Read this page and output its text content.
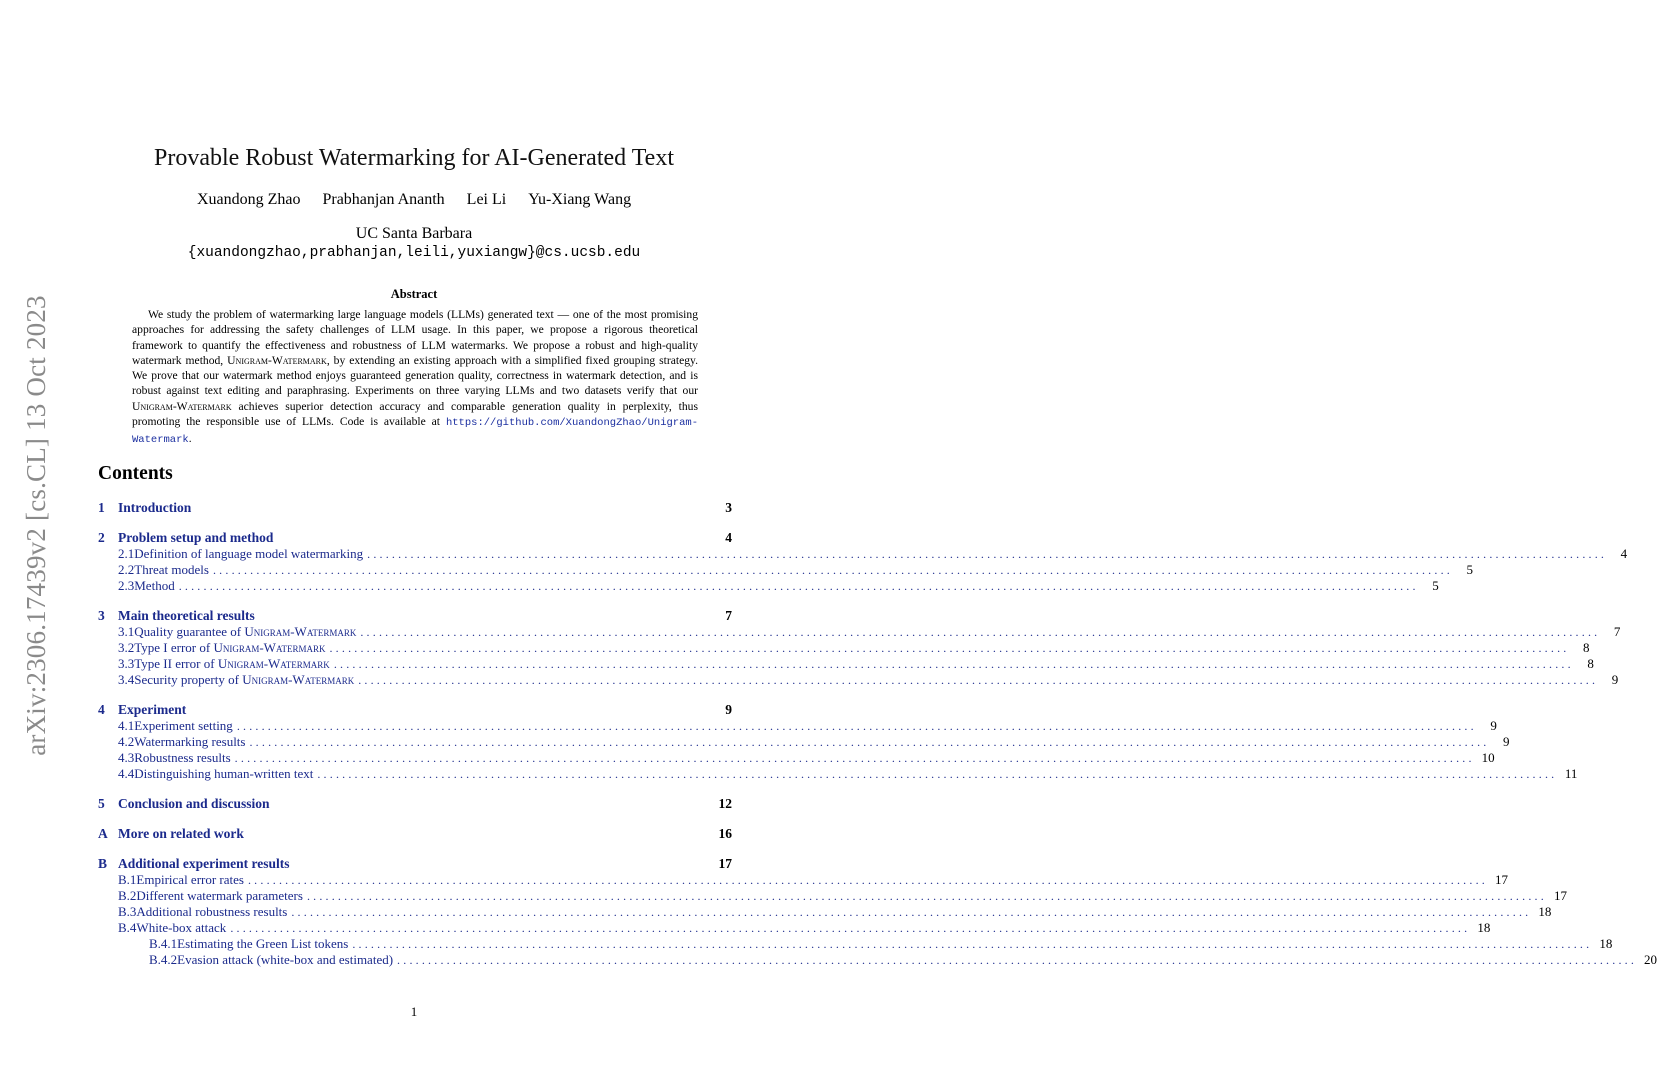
arXiv:2306.17439v2 [cs.CL] 13 Oct 2023
Provable Robust Watermarking for AI-Generated Text
Xuandong Zhao Prabhanjan Ananth Lei Li Yu-Xiang Wang
UC Santa Barbara
{xuandongzhao,prabhanjan,leili,yuxiangw}@cs.ucsb.edu
Abstract
We study the problem of watermarking large language models (LLMs) generated text — one of the most promising approaches for addressing the safety challenges of LLM usage. In this paper, we propose a rigorous theoretical framework to quantify the effectiveness and robustness of LLM watermarks. We propose a robust and high-quality watermark method, Unigram-Watermark, by extending an existing approach with a simplified fixed grouping strategy. We prove that our watermark method enjoys guaranteed generation quality, correctness in watermark detection, and is robust against text editing and paraphrasing. Experiments on three varying LLMs and two datasets verify that our Unigram-Watermark achieves superior detection accuracy and comparable generation quality in perplexity, thus promoting the responsible use of LLMs. Code is available at https://github.com/XuandongZhao/Unigram-Watermark.
Contents
1 Introduction	3
2 Problem setup and method	4
2.1 Definition of language model watermarking ........................................................................................................................................................................................................	4
2.2 Threat models ........................................................................................................................................................................................................	5
2.3 Method ........................................................................................................................................................................................................	5
3 Main theoretical results	7
3.1 Quality guarantee of Unigram-Watermark ........................................................................................................................................................................................................	7
3.2 Type I error of Unigram-Watermark ........................................................................................................................................................................................................	8
3.3 Type II error of Unigram-Watermark ........................................................................................................................................................................................................	8
3.4 Security property of Unigram-Watermark ........................................................................................................................................................................................................	9
4 Experiment	9
4.1 Experiment setting ........................................................................................................................................................................................................	9
4.2 Watermarking results ........................................................................................................................................................................................................	9
4.3 Robustness results ........................................................................................................................................................................................................ 10
4.4 Distinguishing human-written text ........................................................................................................................................................................................................ 11
5 Conclusion and discussion	12
A More on related work	16
B Additional experiment results	17
B.1 Empirical error rates ........................................................................................................................................................................................................ 17
B.2 Different watermark parameters ........................................................................................................................................................................................................ 17
B.3 Additional robustness results ........................................................................................................................................................................................................ 18
B.4 White-box attack ........................................................................................................................................................................................................ 18
B.4.1 Estimating the Green List tokens ........................................................................................................................................................................................................ 18
B.4.2 Evasion attack (white-box and estimated) ........................................................................................................................................................................................................ 20
1
